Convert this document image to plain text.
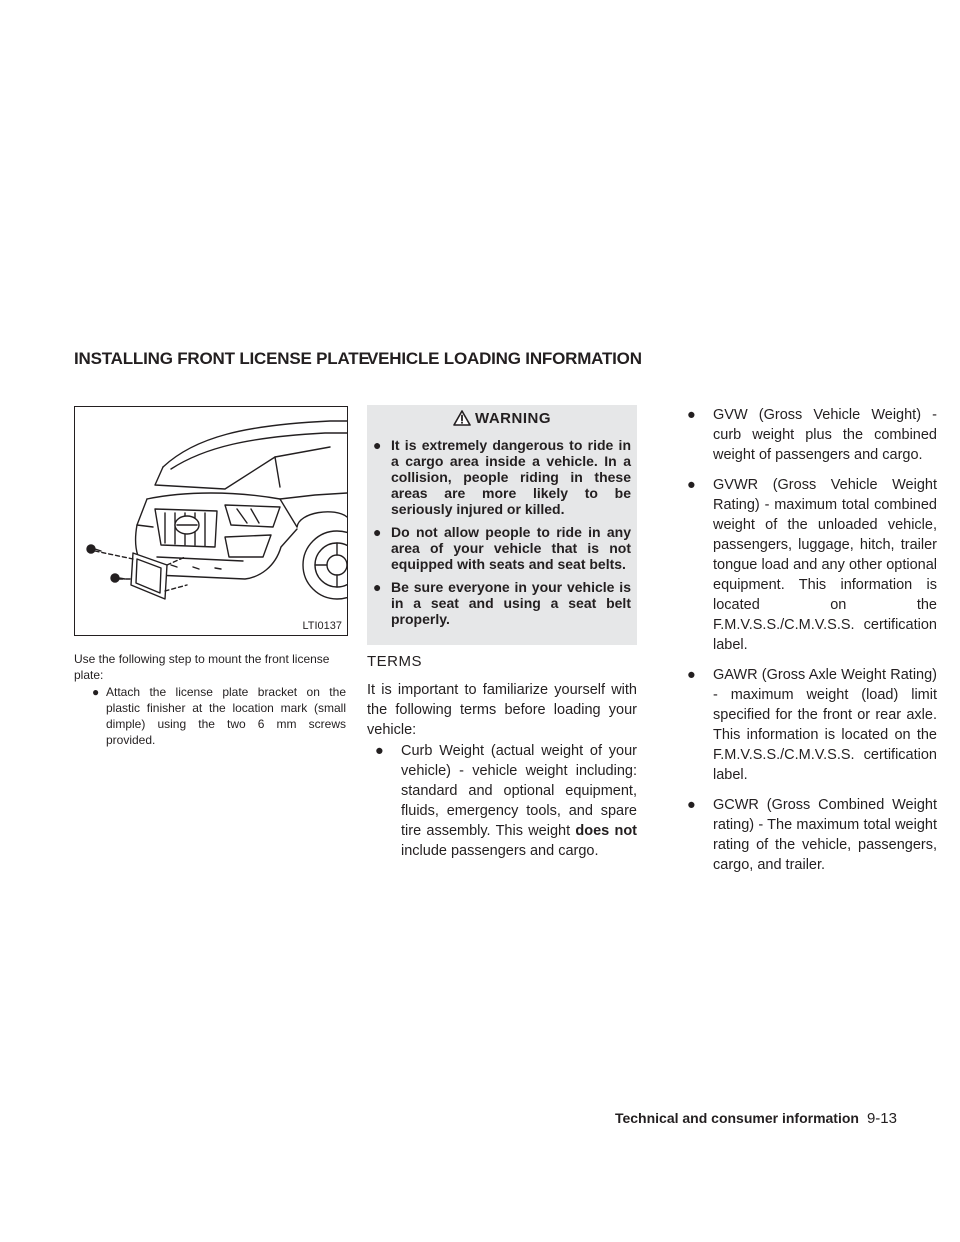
INSTALLING FRONT LICENSE PLATE
VEHICLE LOADING INFORMATION
LTI0137
Use the following step to mount the front license plate:
● Attach the license plate bracket on the plastic finisher at the location mark (small dimple) using the two 6 mm screws provided.
WARNING
● It is extremely dangerous to ride in a cargo area inside a vehicle. In a collision, people riding in these areas are more likely to be seriously injured or killed.
● Do not allow people to ride in any area of your vehicle that is not equipped with seats and seat belts.
● Be sure everyone in your vehicle is in a seat and using a seat belt properly.
TERMS
It is important to familiarize yourself with the following terms before loading your vehicle:
●	Curb Weight (actual weight of your vehicle) - vehicle weight including: standard and optional equipment, fluids, emergency tools, and spare tire assembly. This weight does not include passengers and cargo.
●	GVW (Gross Vehicle Weight) - curb weight plus the combined weight of passengers and cargo.
●	GVWR (Gross Vehicle Weight Rating) - maximum total combined weight of the unloaded vehicle, passengers, luggage, hitch, trailer tongue load and any other optional equipment. This information is located on the F.M.V.S.S./C.M.V.S.S. certification label.
●	GAWR (Gross Axle Weight Rating) - maximum weight (load) limit specified for the front or rear axle. This information is located on the F.M.V.S.S./C.M.V.S.S. certification label.
●	GCWR (Gross Combined Weight rating) - The maximum total weight rating of the vehicle, passengers, cargo, and trailer.
Technical and consumer information 9-13
